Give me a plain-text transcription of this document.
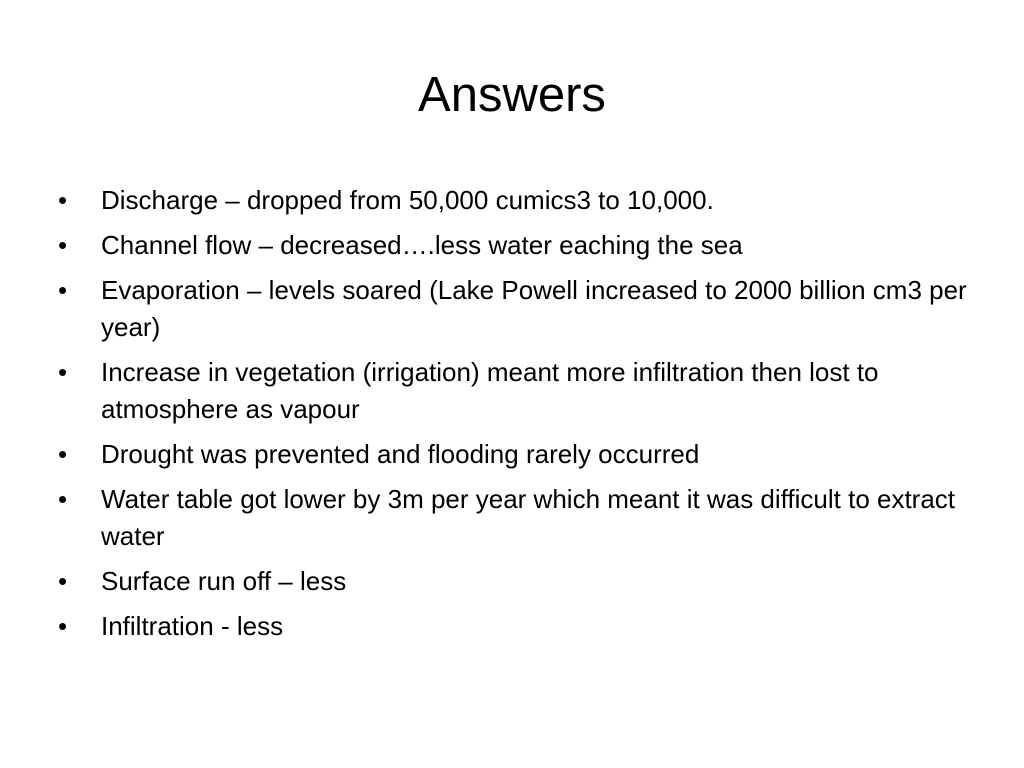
Answers
•	Discharge – dropped from 50,000 cumics3 to 10,000.
•	Channel flow – decreased….less water eaching the sea
•	Evaporation – levels soared (Lake Powell increased to 2000 billion cm3 per year)
•	Increase in vegetation (irrigation) meant more infiltration then lost to atmosphere as vapour
•	Drought was prevented and flooding rarely occurred
•	Water table got lower by 3m per year which meant it was difficult to extract water
•	Surface run off – less
•	Infiltration - less
